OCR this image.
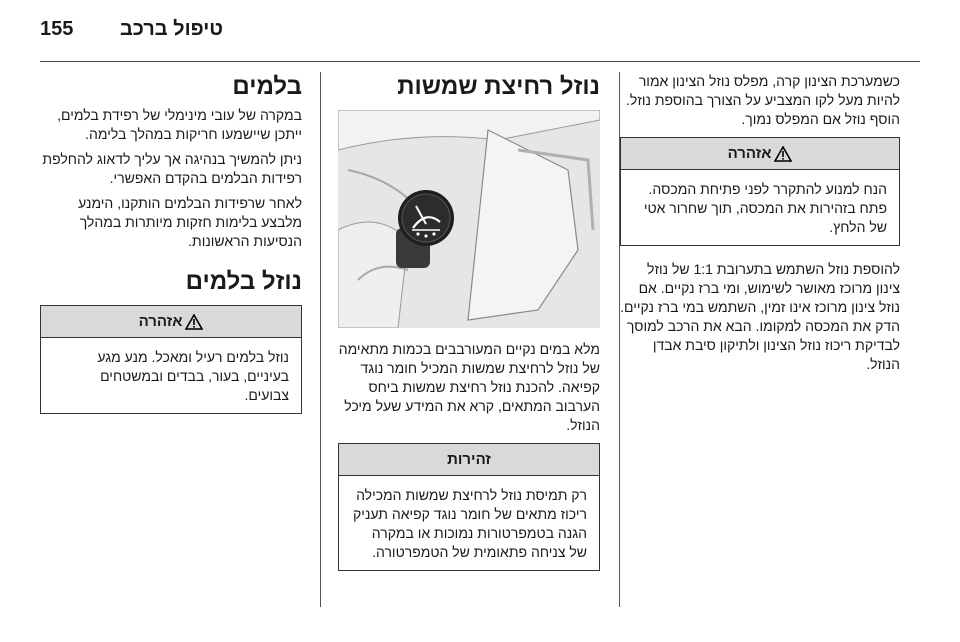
155 טיפול ברכב

כשמערכת הצינון קרה, מפלס נוזל הצינון אמור להיות מעל לקו המצביע על הצורך בהוספת נוזל. הוסף נוזל אם המפלס נמוך.

אזהרה
הנח למנוע להתקרר לפני פתיחת המכסה. פתח בזהירות את המכסה, תוך שחרור אטי של הלחץ.

להוספת נוזל השתמש בתערובת 1:1 של נוזל צינון מרוכז מאושר לשימוש, ומי ברז נקיים. אם נוזל צינון מרוכז אינו זמין, השתמש במי ברז נקיים. הדק את המכסה למקומו. הבא את הרכב למוסך לבדיקת ריכוז נוזל הצינון ולתיקון סיבת אבדן הנוזל.

נוזל רחיצת שמשות

מלא במים נקיים המעורבבים בכמות מתאימה של נוזל לרחיצת שמשות המכיל חומר נוגד קפיאה. להכנת נוזל רחיצת שמשות ביחס הערבוב המתאים, קרא את המידע שעל מיכל הנוזל.

זהירות
רק תמיסת נוזל לרחיצת שמשות המכילה ריכוז מתאים של חומר נוגד קפיאה תעניק הגנה בטמפרטורות נמוכות או במקרה של צניחה פתאומית של הטמפרטורה.
בלמים

במקרה של עובי מינימלי של רפידת בלמים, ייתכן שיישמעו חריקות במהלך בלימה.

ניתן להמשיך בנהיגה אך עליך לדאוג להחלפת רפידות הבלמים בהקדם האפשרי.

לאחר שרפידות הבלמים הותקנו, הימנע מלבצע בלימות חזקות מיותרות במהלך הנסיעות הראשונות.

נוזל בלמים
אזהרה
נוזל בלמים רעיל ומאכל. מנע מגע בעיניים, בעור, בבדים ובמשטחים צבועים.
